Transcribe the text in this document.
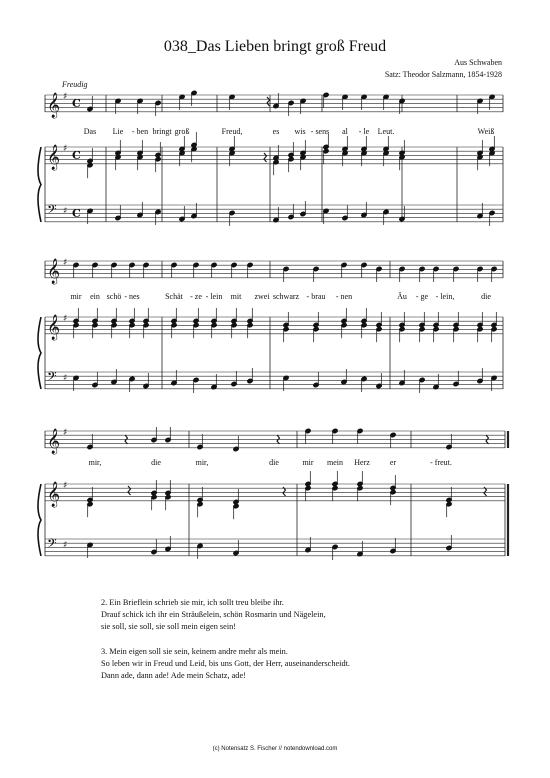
038_Das Lieben bringt groß Freud
Aus Schwaben
Satz: Theodor Salzmann, 1854-1928
Freudig
𝄞
𝄞
𝄢
♯ C
♯ C
♯ C
𝄞
𝄞
𝄢
♯
♯
♯
𝄞
𝄞
𝄢
♯
♯
♯
Das Lie - ben bringt groß	Freud,	es wis - sens al - le Leut.	Weiß
mir ein schö - nes	Schät - ze - lein mit zwei schwarz - brau - nen	Äu - ge - lein,	die
mir,	die	mir,	die	mir mein Herz	er	- freut.
2. Ein Brieflein schrieb sie mir, ich sollt treu bleibe ihr.
Drauf schick ich ihr ein Sträußelein, schön Rosmarin und Nägelein,
sie soll, sie soll, sie soll mein eigen sein!
3. Mein eigen soll sie sein, keinem andre mehr als mein.
So leben wir in Freud und Leid, bis uns Gott, der Herr, auseinanderscheidt.
Dann ade, dann ade! Ade mein Schatz, ade!
(c) Notensatz S. Fischer // notendownload.com
